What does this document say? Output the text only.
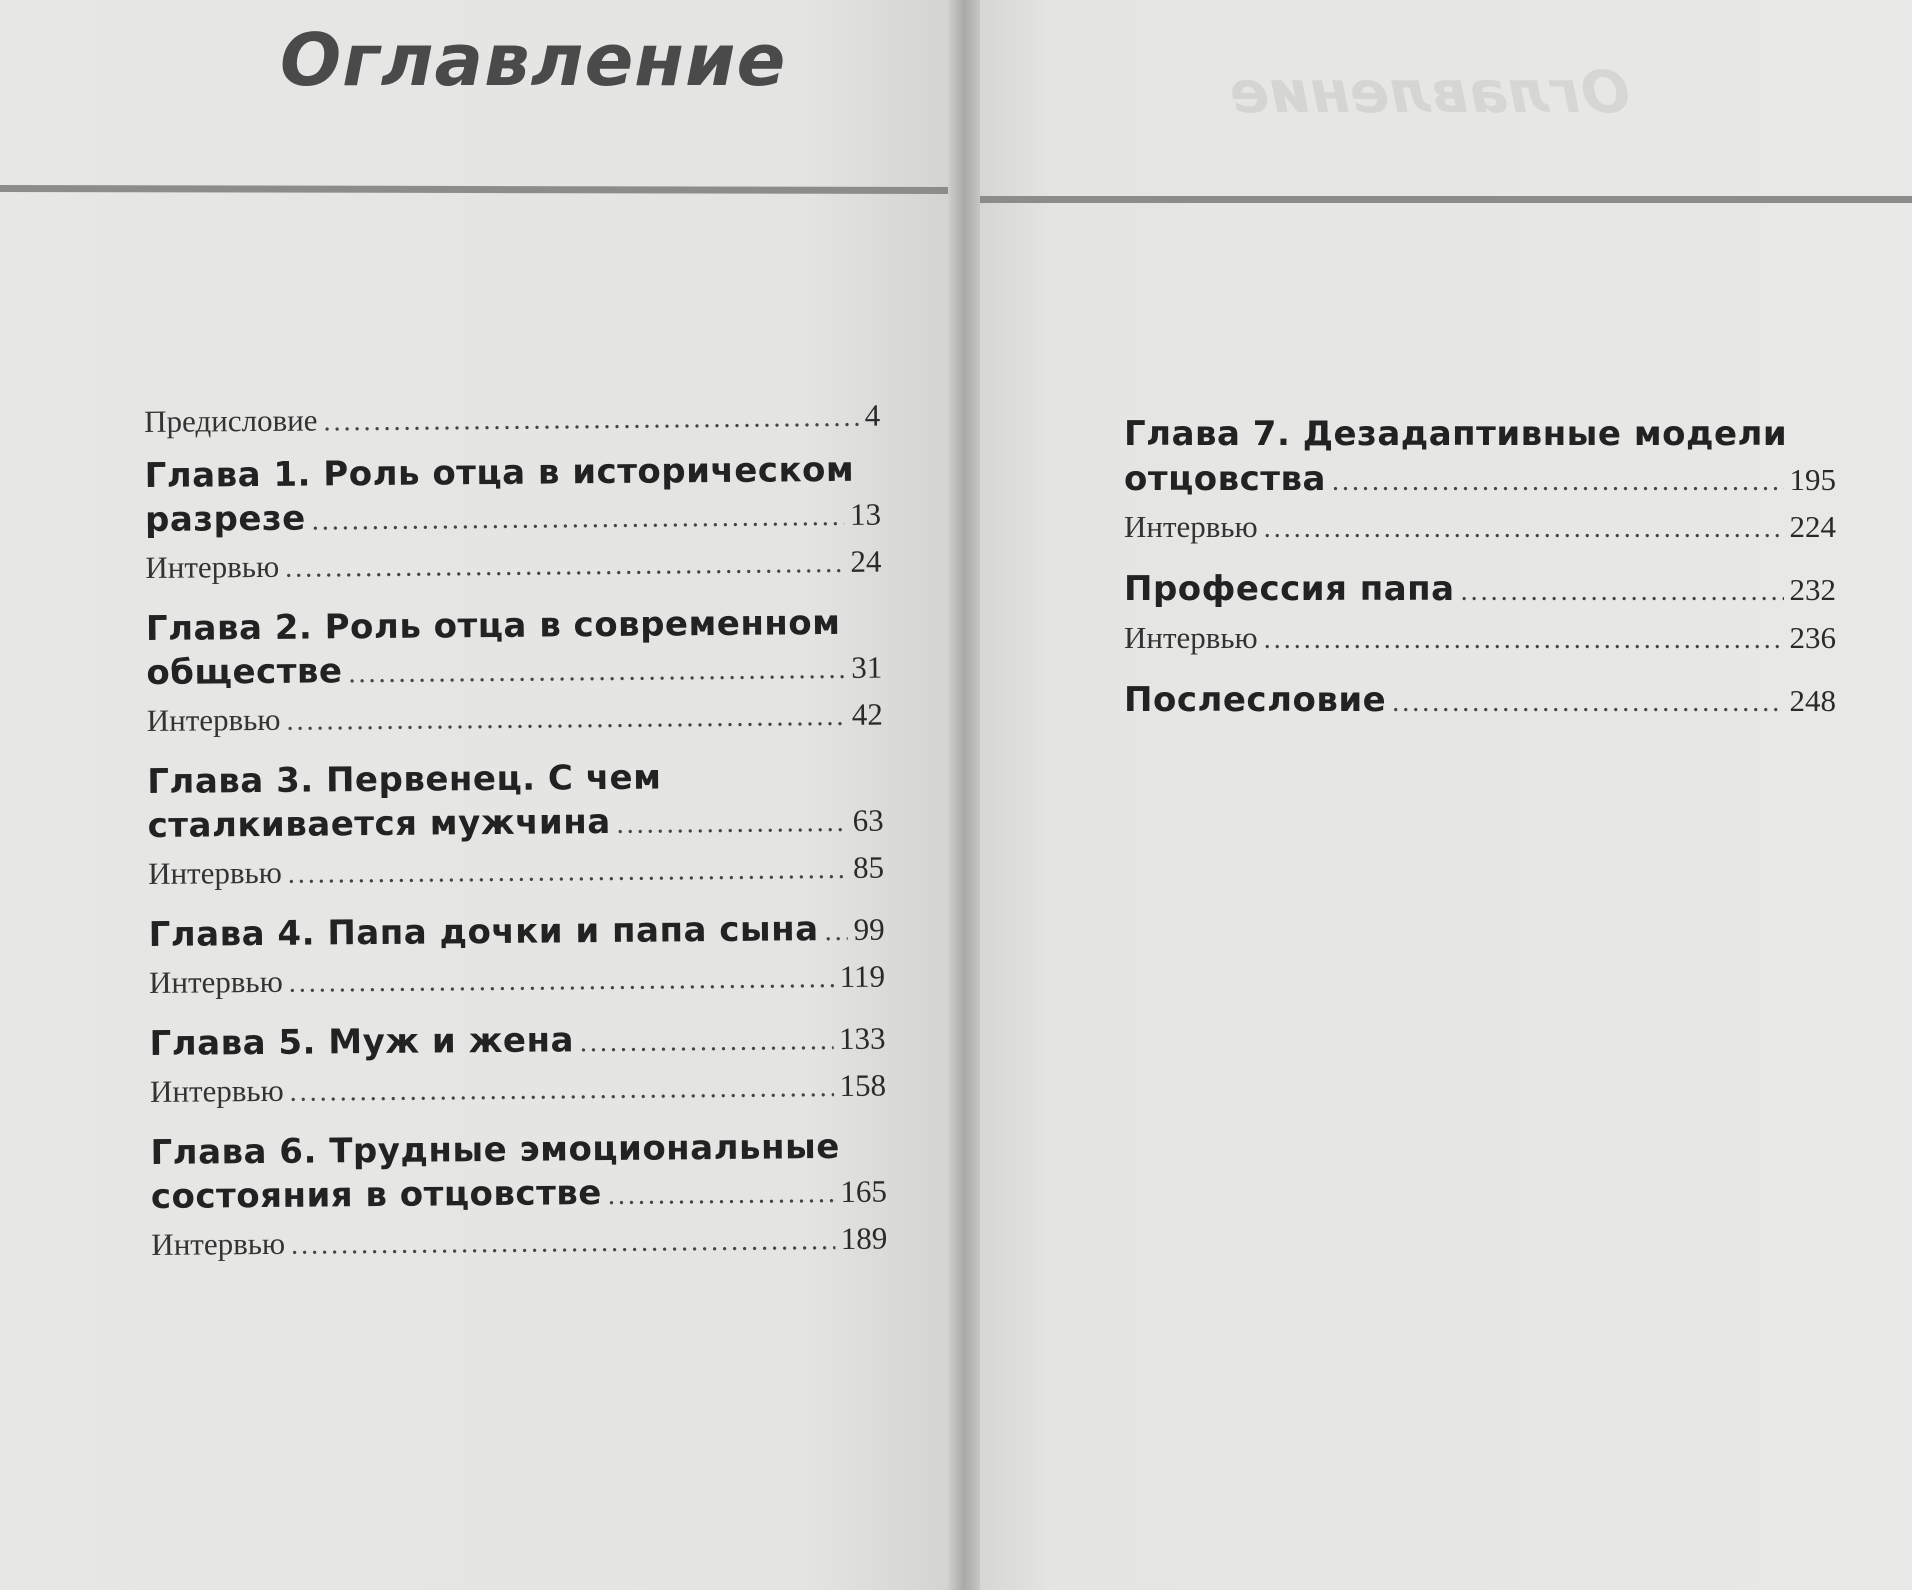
Оглавление
Предисловие .....	4
Глава 1. Роль отца в историческом
разрезе .....	13
Интервью .....	24
Глава 2. Роль отца в современном
обществе .....	31
Интервью .....	42
Глава 3. Первенец. С чем
сталкивается мужчина .....	63
Интервью .....	85
Глава 4. Папа дочки и папа сына ..... 99
Интервью .....	119
Глава 5. Муж и жена .....	133
Интервью .....	158
Глава 6. Трудные эмоциональные
состояния в отцовстве .....	165
Интервью .....	189
Оглавление
Глава 7. Дезадаптивные модели
отцовства .....	195
Интервью .....	224
Профессия папа .....	232
Интервью .....	236
Послесловие .....	248
